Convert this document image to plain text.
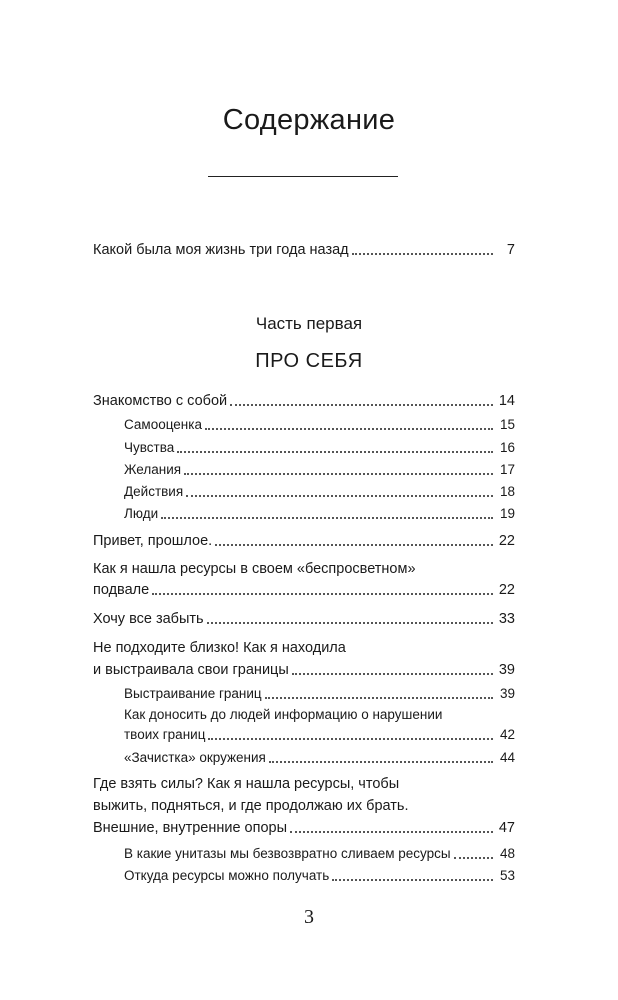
Содержание
Какой была моя жизнь три года назад	7
Часть первая
ПРО СЕБЯ
Знакомство с собой	14
Самооценка	15
Чувства	16
Желания	17
Действия	18
Люди	19
Привет, прошлое.	22
Как я нашла ресурсы в своем «беспросветном»
подвале	22
Хочу все забыть	33
Не подходите близко! Как я находила
и выстраивала свои границы	39
Выстраивание границ	39
Как доносить до людей информацию о нарушении
твоих границ	42
«Зачистка» окружения	44
Где взять силы? Как я нашла ресурсы, чтобы
выжить, подняться, и где продолжаю их брать.
Внешние, внутренние опоры	47
В какие унитазы мы безвозвратно сливаем ресурсы	48
Откуда ресурсы можно получать	53
3
